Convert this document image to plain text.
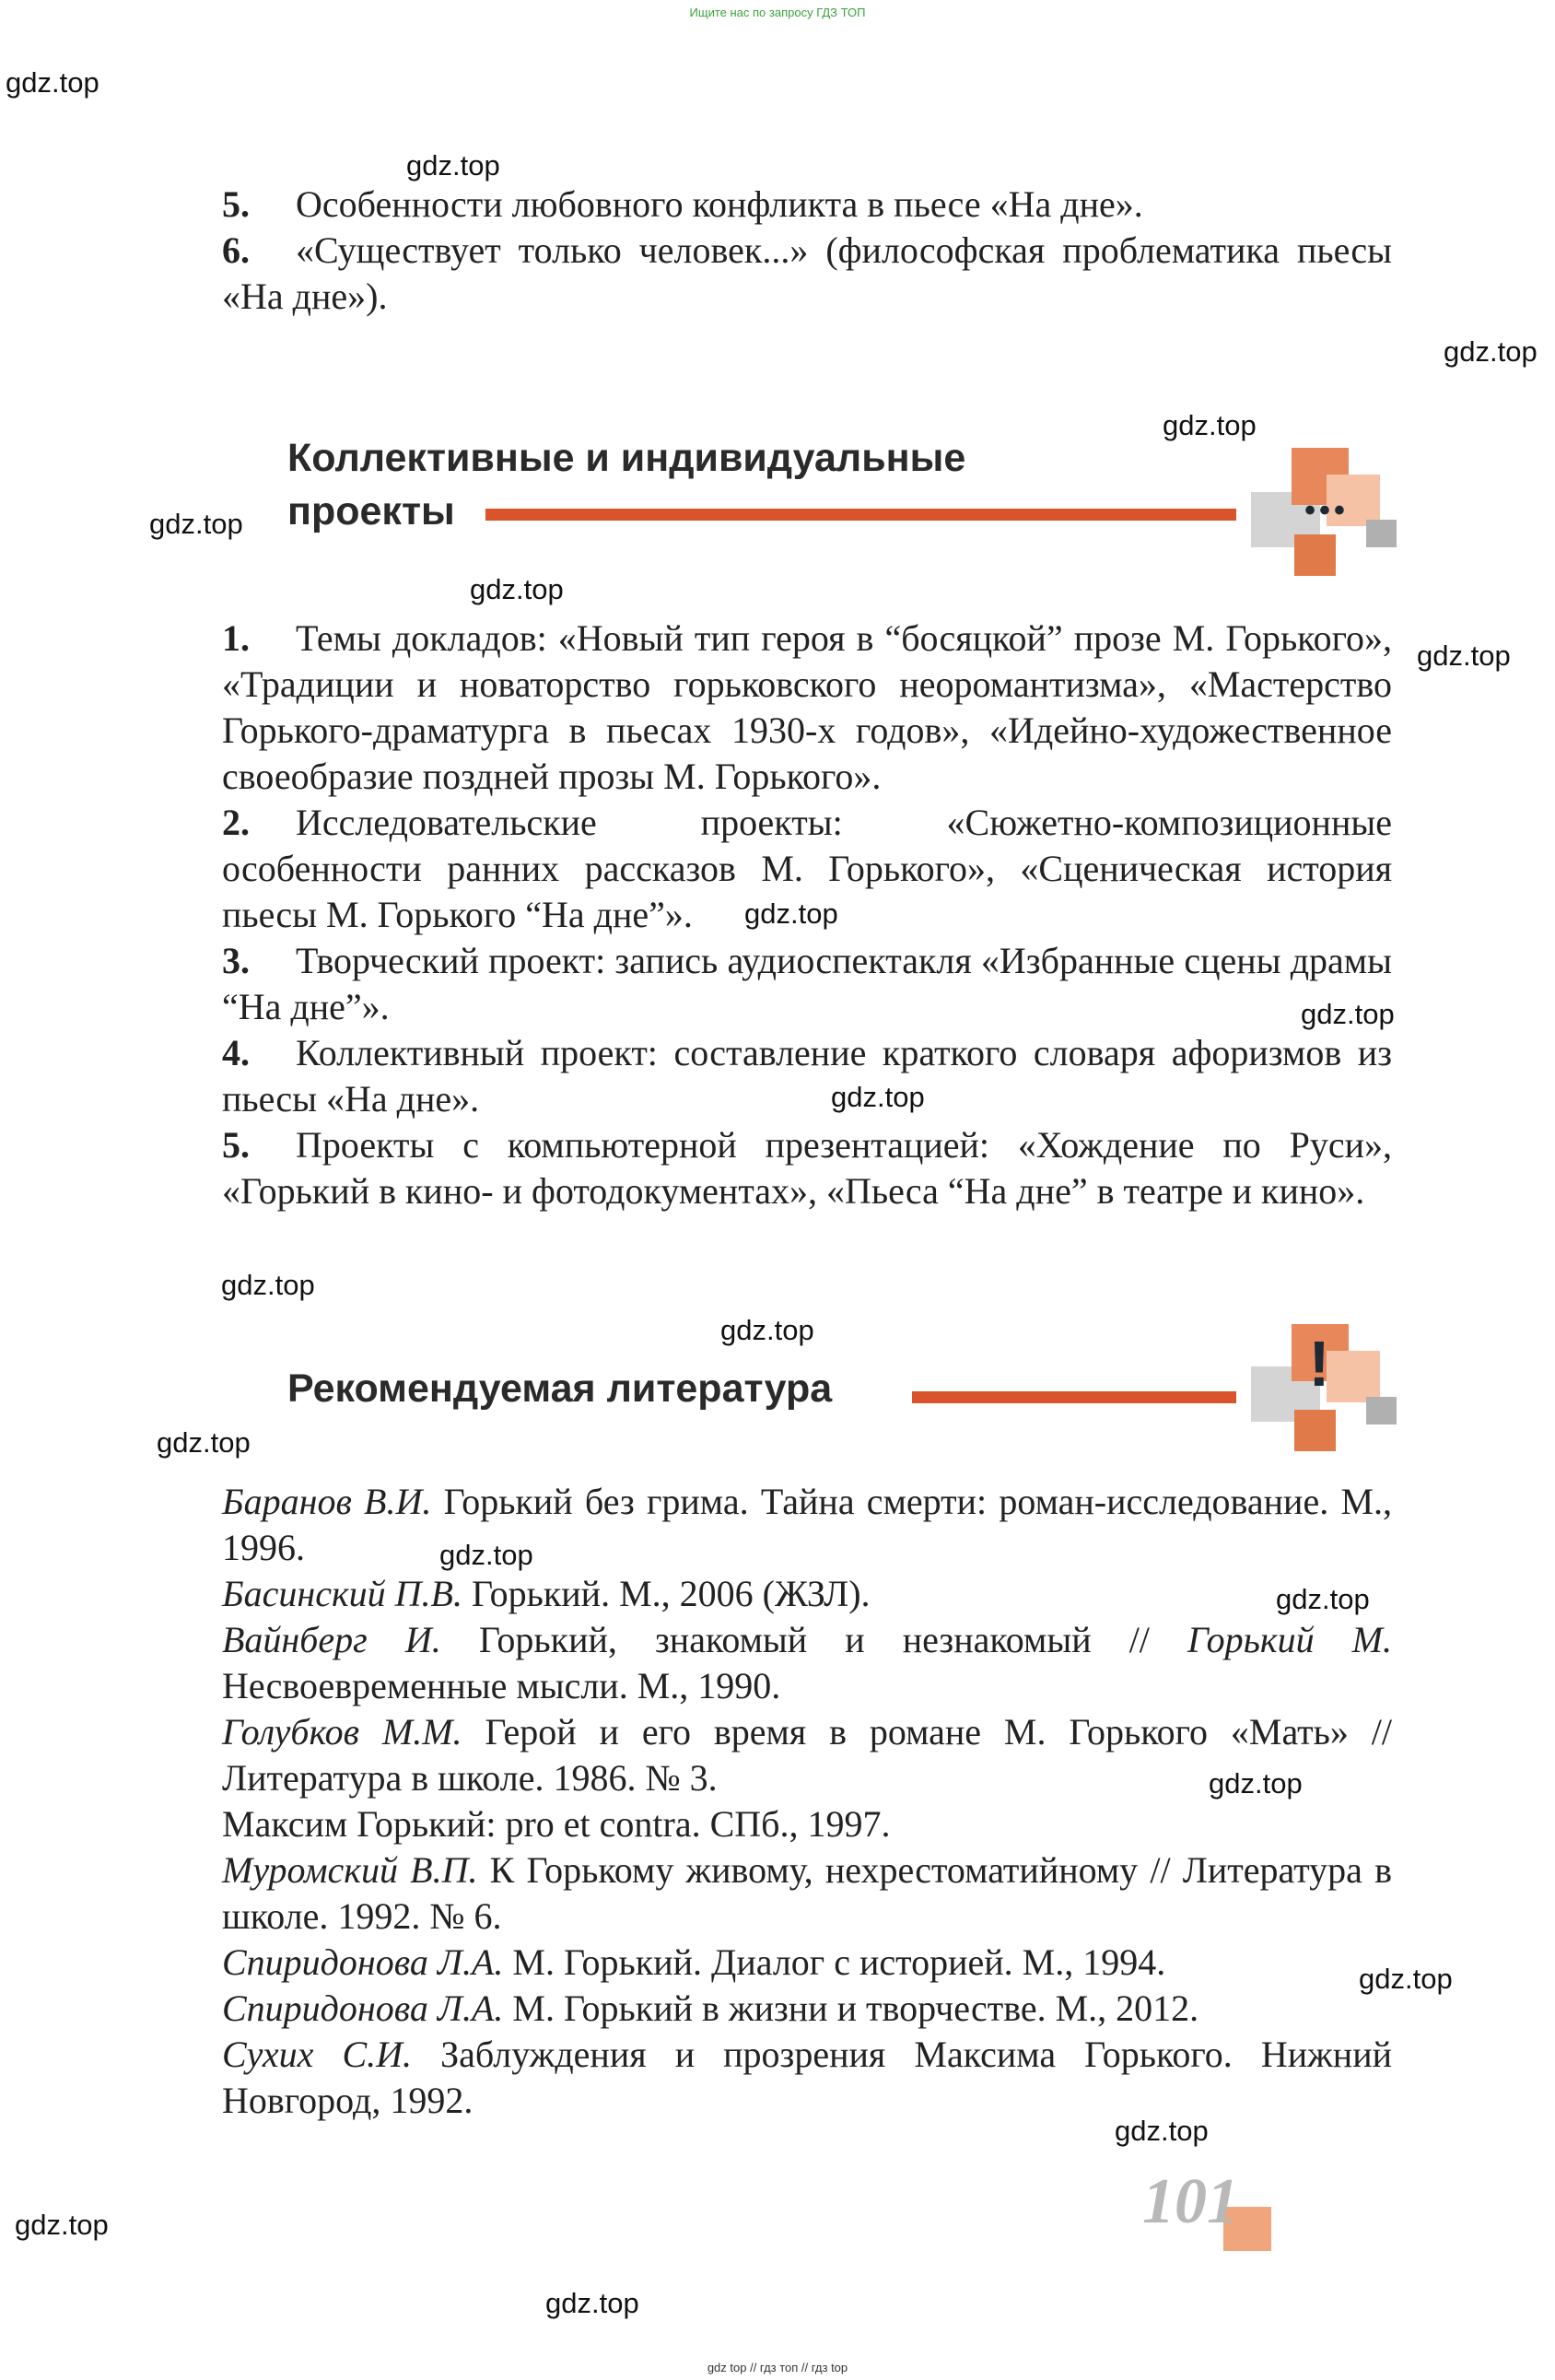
Ищите нас по запросу ГДЗ ТОП
gdz.top
gdz.top
gdz.top
gdz.top
gdz.top
gdz.top
gdz.top
gdz.top
gdz.top
gdz.top
gdz.top
gdz.top
gdz.top
gdz.top
gdz.top
gdz.top
gdz.top
gdz.top
gdz.top
gdz.top

5. Особенности любовного конфликта в пьесе «На дне».

6. «Существует только человек...» (философская проблематика пьесы «На дне»).

Коллективные и индивидуальные
проекты	•••

1. Темы докладов: «Новый тип героя в “босяцкой” прозе М. Горького», «Традиции и новаторство горьковского неоромантизма», «Мастерство Горького-драматурга в пьесах 1930-х годов», «Идейно-художественное своеобразие поздней прозы М. Горького».

2. Исследовательские проекты: «Сюжетно-композиционные особенности ранних рассказов М. Горького», «Сценическая история пьесы М. Горького “На дне”».

3. Творческий проект: запись аудиоспектакля «Избранные сцены драмы “На дне”».

4. Коллективный проект: составление краткого словаря афоризмов из пьесы «На дне».

5. Проекты с компьютерной презентацией: «Хождение по Руси», «Горький в кино- и фотодокументах», «Пьеса “На дне” в театре и кино».

Рекомендуемая литература	!

Баранов В.И. Горький без грима. Тайна смерти: роман-исследование. М., 1996.

Басинский П.В. Горький. М., 2006 (ЖЗЛ).

Вайнберг И. Горький, знакомый и незнакомый // Горький М. Несвоевременные мысли. М., 1990.

Голубков М.М. Герой и его время в романе М. Горького «Мать» // Литература в школе. 1986. № 3.

Максим Горький: pro et contra. СПб., 1997.

Муромский В.П. К Горькому живому, нехрестоматийному // Литература в школе. 1992. № 6.

Спиридонова Л.А. М. Горький. Диалог с историей. М., 1994.

Спиридонова Л.А. М. Горький в жизни и творчестве. М., 2012.

Сухих С.И. Заблуждения и прозрения Максима Горького. Нижний Новгород, 1992.

101
gdz top // гдз топ // гдз top
